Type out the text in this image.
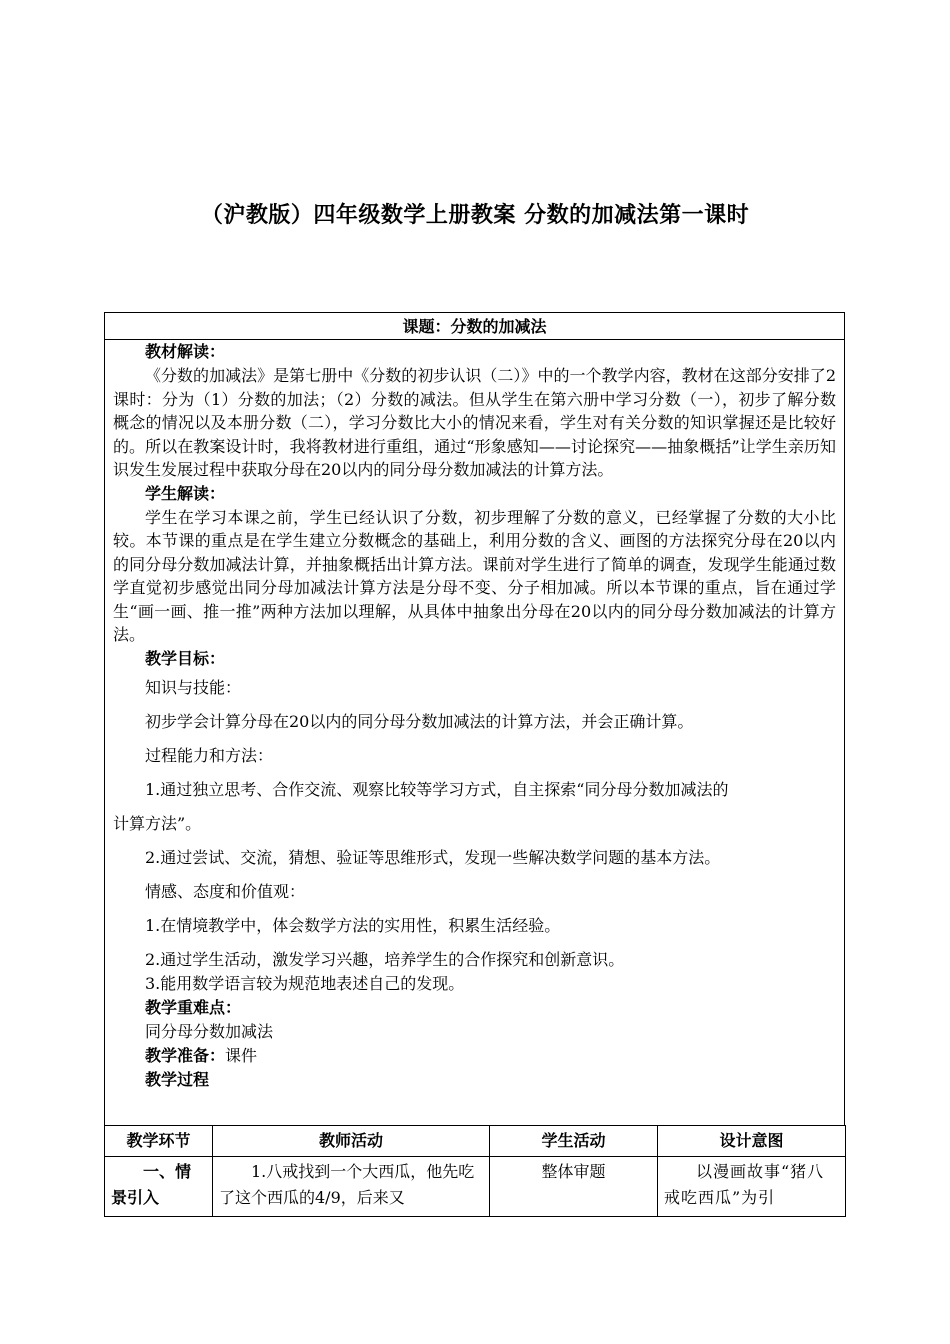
（沪教版）四年级数学上册教案 分数的加减法第一课时
课题：分数的加减法

教材解读：

《分数的加减法》是第七册中《分数的初步认识（二）》中的一个教学内容，教材在这部分安排了2课时：分为（1）分数的加法；（2）分数的减法。但从学生在第六册中学习分数（一），初步了解分数概念的情况以及本册分数（二），学习分数比大小的情况来看，学生对有关分数的知识掌握还是比较好的。所以在教案设计时，我将教材进行重组，通过“形象感知——讨论探究——抽象概括”让学生亲历知识发生发展过程中获取分母在20以内的同分母分数加减法的计算方法。

学生解读：

学生在学习本课之前，学生已经认识了分数，初步理解了分数的意义，已经掌握了分数的大小比较。本节课的重点是在学生建立分数概念的基础上，利用分数的含义、画图的方法探究分母在20以内的同分母分数加减法计算，并抽象概括出计算方法。课前对学生进行了简单的调查，发现学生能通过数学直觉初步感觉出同分母加减法计算方法是分母不变、分子相加减。所以本节课的重点，旨在通过学生“画一画、推一推”两种方法加以理解，从具体中抽象出分母在20以内的同分母分数加减法的计算方法。

教学目标：

知识与技能：

初步学会计算分母在20以内的同分母分数加减法的计算方法，并会正确计算。

过程能力和方法：

1.通过独立思考、合作交流、观察比较等学习方式，自主探索“同分母分数加减法的

计算方法”。

2.通过尝试、交流，猜想、验证等思维形式，发现一些解决数学问题的基本方法。

情感、态度和价值观：

1.在情境教学中，体会数学方法的实用性，积累生活经验。

2.通过学生活动，激发学习兴趣，培养学生的合作探究和创新意识。

3.能用数学语言较为规范地表述自己的发现。

教学重难点：

同分母分数加减法

教学准备：课件

教学过程

教学环节	教师活动	学生活动	设计意图
一、情景引入	1.八戒找到一个大西瓜，他先吃了这个西瓜的4/9，后来又	整体审题	以漫画故事“猪八戒吃西瓜”为引
